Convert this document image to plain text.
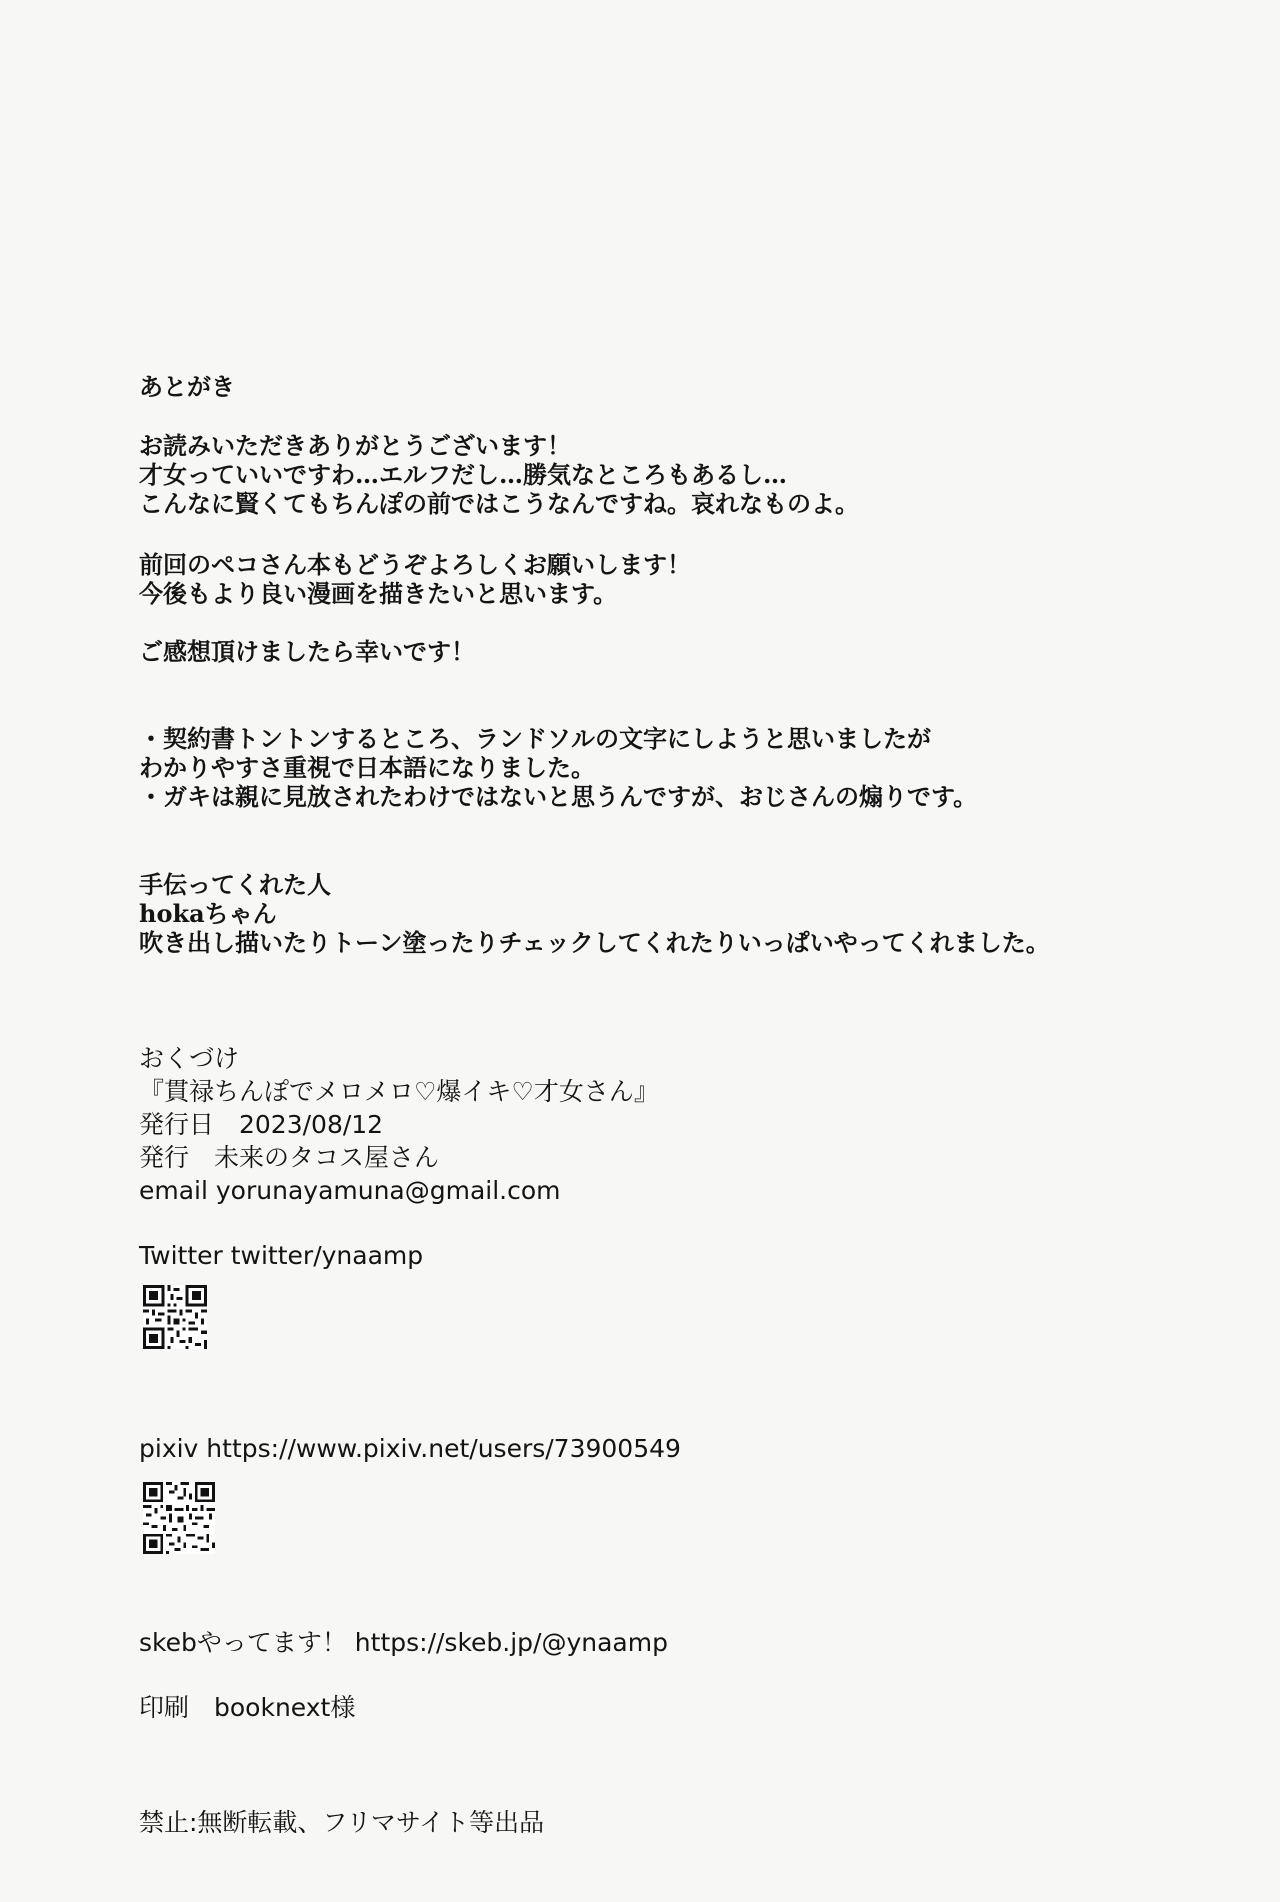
あとがき
お読みいただきありがとうございます！
才女っていいですわ…エルフだし…勝気なところもあるし…
こんなに賢くてもちんぽの前ではこうなんですね。哀れなものよ。
前回のペコさん本もどうぞよろしくお願いします！
今後もより良い漫画を描きたいと思います。
ご感想頂けましたら幸いです！
・契約書トントンするところ、ランドソルの文字にしようと思いましたが
わかりやすさ重視で日本語になりました。
・ガキは親に見放されたわけではないと思うんですが、おじさんの煽りです。
手伝ってくれた人
hokaちゃん
吹き出し描いたりトーン塗ったりチェックしてくれたりいっぱいやってくれました。
おくづけ
『貫禄ちんぽでメロメロ♡爆イキ♡才女さん』
発行日　2023/08/12
発行　未来のタコス屋さん
email yorunayamuna@gmail.com
Twitter twitter/ynaamp
pixiv https://www.pixiv.net/users/73900549
skebやってます！ https://skeb.jp/@ynaamp
印刷　booknext様
禁止:無断転載、フリマサイト等出品
